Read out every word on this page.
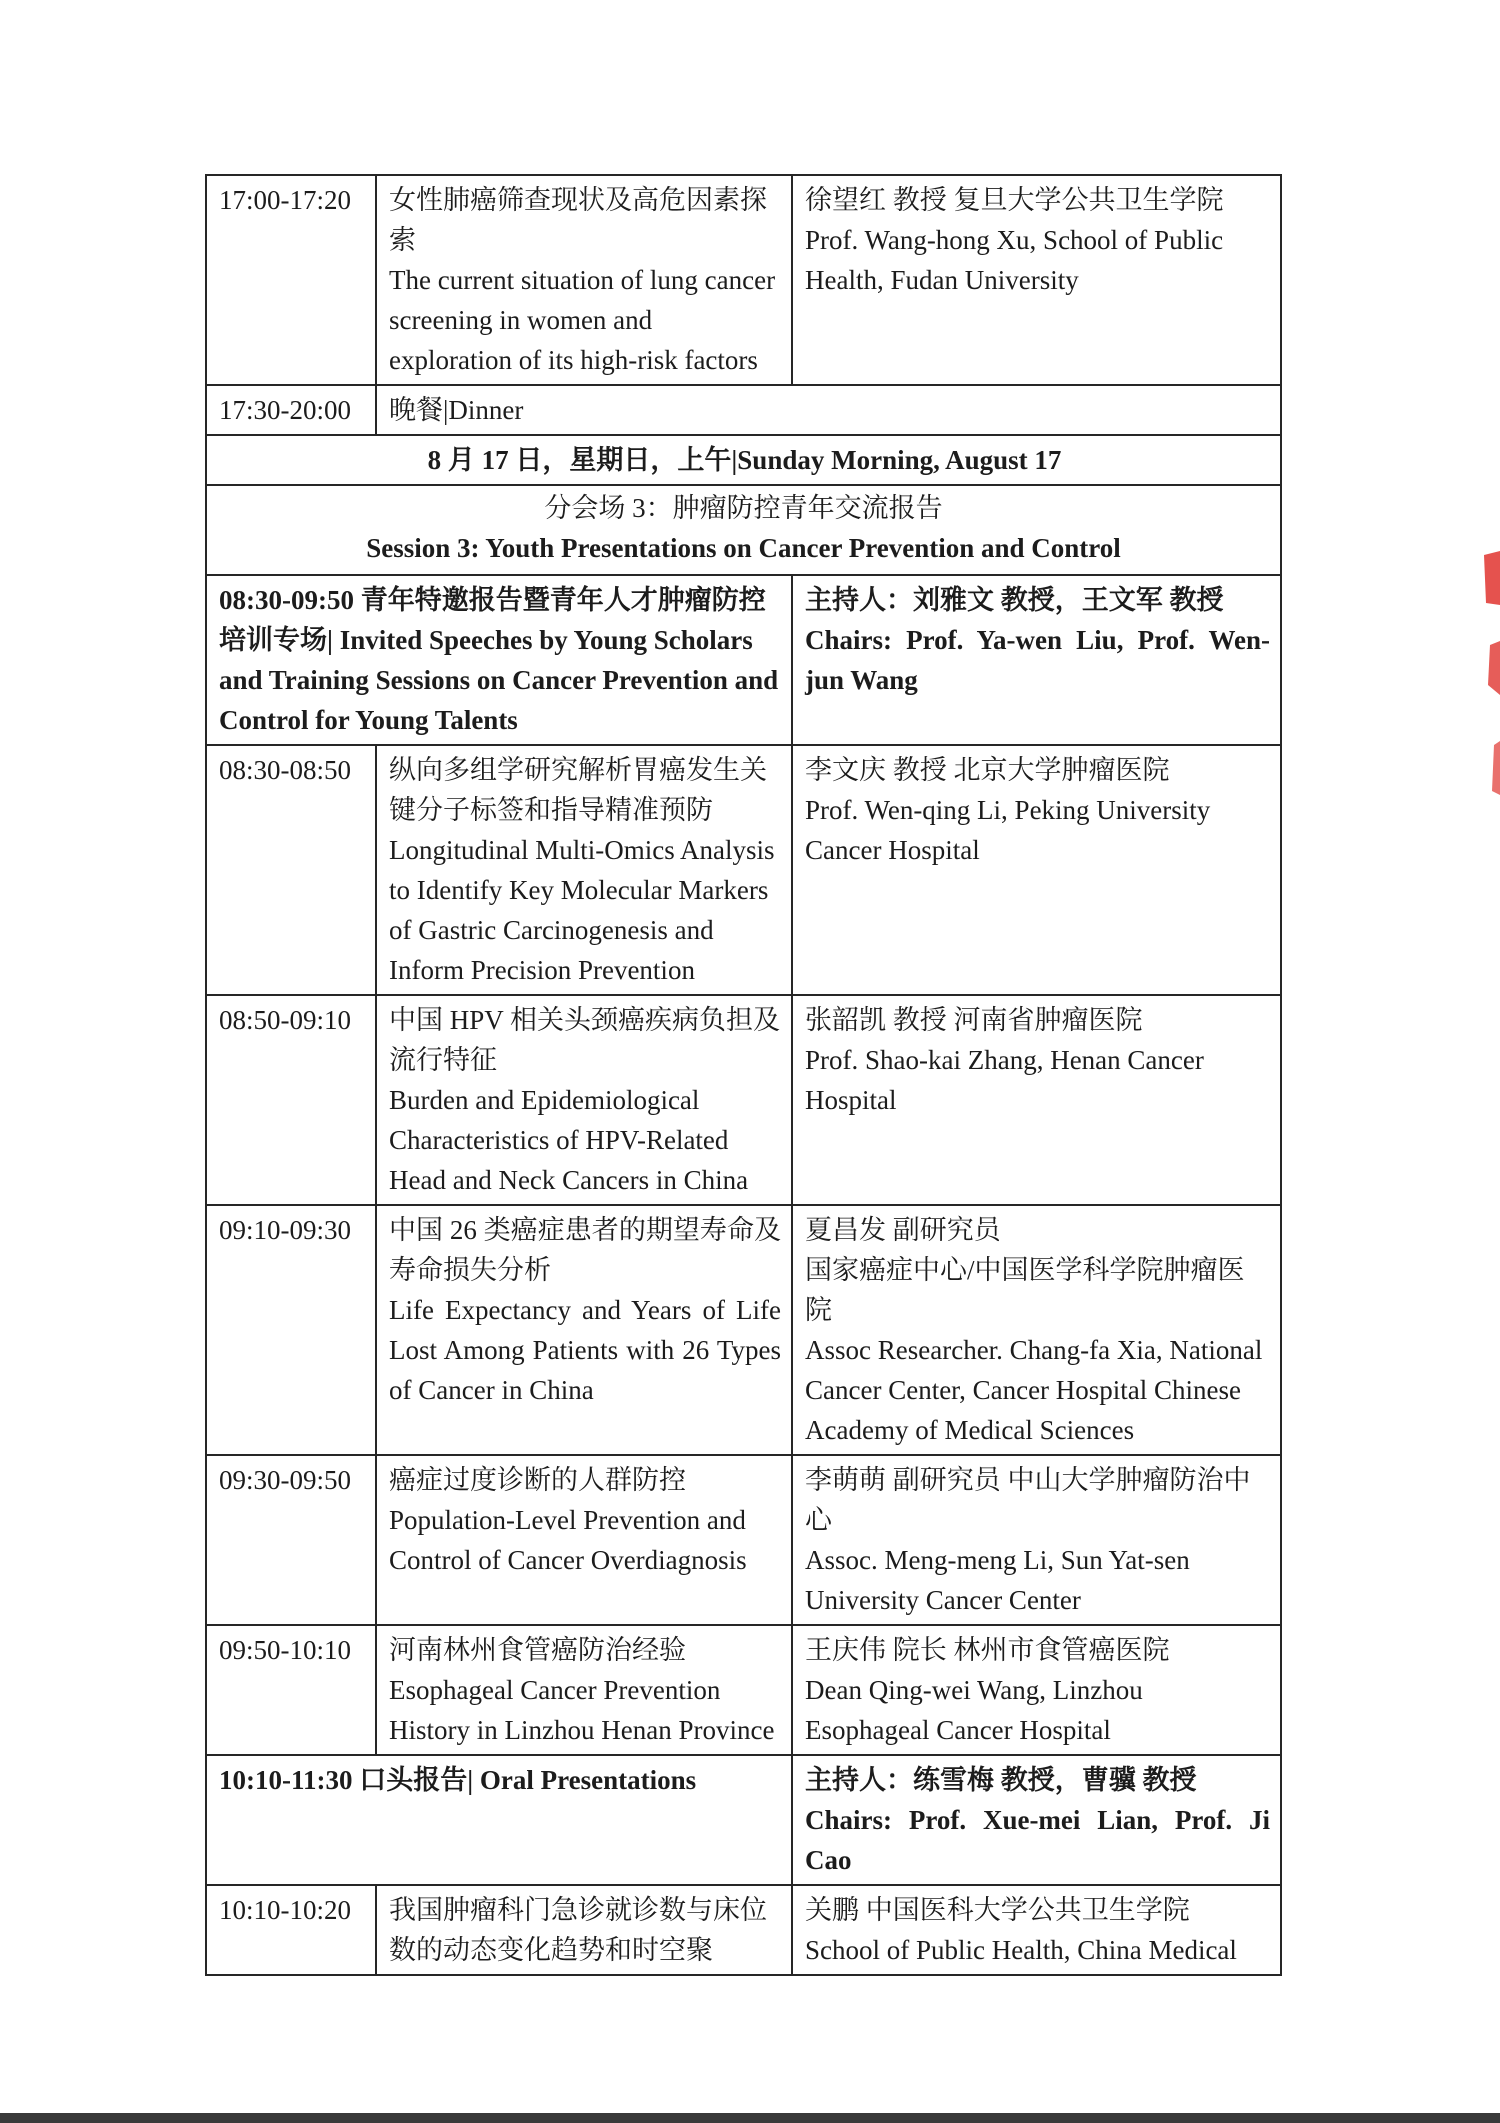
17:00-17:20	女性肺癌筛查现状及高危因素探索
The current situation of lung cancer screening in women and exploration of its high-risk factors	徐望红 教授 复旦大学公共卫生学院
Prof. Wang-hong Xu, School of Public Health, Fudan University

17:30-20:00	晚餐|Dinner	
8 月 17 日，星期日，上午|Sunday Morning, August 17		

分会场 3：肿瘤防控青年交流报告
Session 3: Youth Presentations on Cancer Prevention and Control		

08:30-09:50 青年特邀报告暨青年人才肿瘤防控培训专场| Invited Speeches by Young Scholars and Training Sessions on Cancer Prevention and Control for Young Talents		主持人：刘雅文 教授，王文军 教授
Chairs: Prof. Ya-wen Liu, Prof. Wen-jun Wang

08:30-08:50	纵向多组学研究解析胃癌发生关键分子标签和指导精准预防
Longitudinal Multi-Omics Analysis to Identify Key Molecular Markers of Gastric Carcinogenesis and Inform Precision Prevention	李文庆 教授 北京大学肿瘤医院
Prof. Wen-qing Li, Peking University Cancer Hospital

08:50-09:10	中国 HPV 相关头颈癌疾病负担及流行特征
Burden and Epidemiological Characteristics of HPV-Related Head and Neck Cancers in China	张韶凯 教授 河南省肿瘤医院
Prof. Shao-kai Zhang, Henan Cancer Hospital

09:10-09:30	中国 26 类癌症患者的期望寿命及寿命损失分析
Life Expectancy and Years of Life Lost Among Patients with 26 Types of Cancer in China	夏昌发 副研究员
国家癌症中心/中国医学科学院肿瘤医院
Assoc Researcher. Chang-fa Xia, National Cancer Center, Cancer Hospital Chinese Academy of Medical Sciences

09:30-09:50	癌症过度诊断的人群防控
Population-Level Prevention and Control of Cancer Overdiagnosis	李萌萌 副研究员 中山大学肿瘤防治中心
Assoc. Meng-meng Li, Sun Yat-sen University Cancer Center

09:50-10:10	河南林州食管癌防治经验
Esophageal Cancer Prevention History in Linzhou Henan Province	王庆伟 院长 林州市食管癌医院
Dean Qing-wei Wang, Linzhou Esophageal Cancer Hospital

10:10-11:30 口头报告| Oral Presentations		主持人：练雪梅 教授，曹骥 教授
Chairs: Prof. Xue-mei Lian, Prof. Ji Cao

10:10-10:20	我国肿瘤科门急诊就诊数与床位数的动态变化趋势和时空聚	关鹏 中国医科大学公共卫生学院
School of Public Health, China Medical
